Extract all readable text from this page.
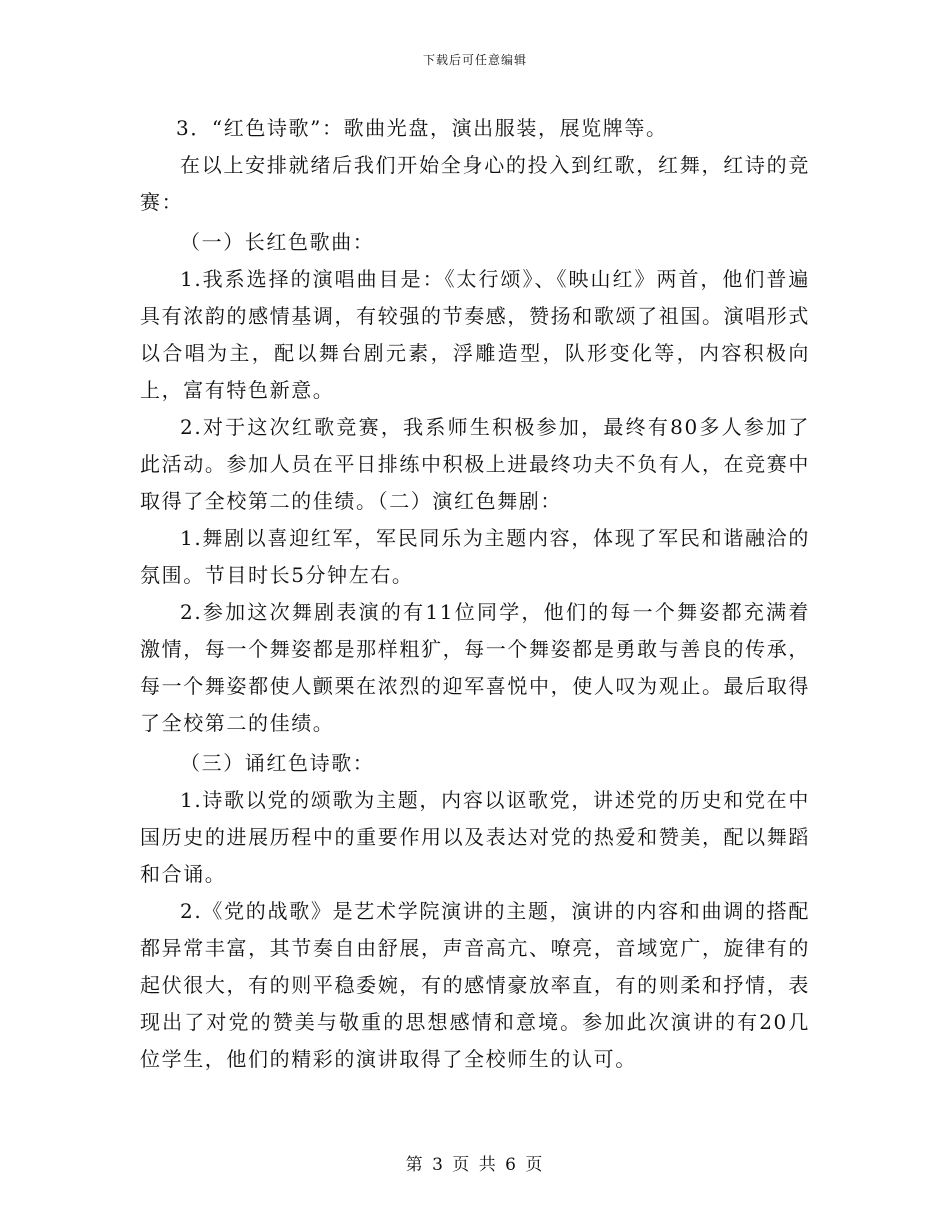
下载后可任意编辑

3．“红色诗歌”：歌曲光盘，演出服装，展览牌等。

在以上安排就绪后我们开始全身心的投入到红歌，红舞，红诗的竞赛：

（一）长红色歌曲：

1.我系选择的演唱曲目是：《太行颂》、《映山红》两首，他们普遍具有浓韵的感情基调，有较强的节奏感，赞扬和歌颂了祖国。演唱形式以合唱为主，配以舞台剧元素，浮雕造型，队形变化等，内容积极向上，富有特色新意。

2.对于这次红歌竞赛，我系师生积极参加，最终有80多人参加了此活动。参加人员在平日排练中积极上进最终功夫不负有人，在竞赛中取得了全校第二的佳绩。（二）演红色舞剧：

1.舞剧以喜迎红军，军民同乐为主题内容，体现了军民和谐融洽的氛围。节目时长5分钟左右。

2.参加这次舞剧表演的有11位同学，他们的每一个舞姿都充满着激情，每一个舞姿都是那样粗犷，每一个舞姿都是勇敢与善良的传承，每一个舞姿都使人颤栗在浓烈的迎军喜悦中，使人叹为观止。最后取得了全校第二的佳绩。

（三）诵红色诗歌：

1.诗歌以党的颂歌为主题，内容以讴歌党，讲述党的历史和党在中国历史的进展历程中的重要作用以及表达对党的热爱和赞美，配以舞蹈和合诵。

2.《党的战歌》是艺术学院演讲的主题，演讲的内容和曲调的搭配都异常丰富，其节奏自由舒展，声音高亢、嘹亮，音域宽广，旋律有的起伏很大，有的则平稳委婉，有的感情豪放率直，有的则柔和抒情，表现出了对党的赞美与敬重的思想感情和意境。参加此次演讲的有20几位学生，他们的精彩的演讲取得了全校师生的认可。

第 3 页 共 6 页
